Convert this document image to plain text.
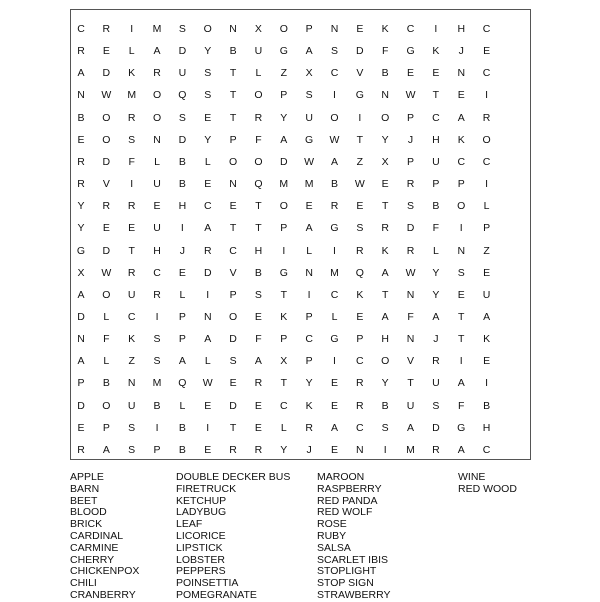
C	R	I	M	S	O	N	X	O	P	N	E	K	C	I	H	C
R	E	L	A	D	Y	B	U	G	A	S	D	F	G	K	J	E
A	D	K	R	U	S	T	L	Z	X	C	V	B	E	E	N	C
N	W	M	O	Q	S	T	O	P	S	I	G	N	W	T	E	I
B	O	R	O	S	E	T	R	Y	U	O	I	O	P	C	A	R
E	O	S	N	D	Y	P	F	A	G	W	T	Y	J	H	K	O
R	D	F	L	B	L	O	O	D	W	A	Z	X	P	U	C	C
R	V	I	U	B	E	N	Q	M	M	B	W	E	R	P	P	I
Y	R	R	E	H	C	E	T	O	E	R	E	T	S	B	O	L
Y	E	E	U	I	A	T	T	P	A	G	S	R	D	F	I	P
G	D	T	H	J	R	C	H	I	L	I	R	K	R	L	N	Z
X	W	R	C	E	D	V	B	G	N	M	Q	A	W	Y	S	E
A	O	U	R	L	I	P	S	T	I	C	K	T	N	Y	E	U
D	L	C	I	P	N	O	E	K	P	L	E	A	F	A	T	A
N	F	K	S	P	A	D	F	P	C	G	P	H	N	J	T	K
A	L	Z	S	A	L	S	A	X	P	I	C	O	V	R	I	E
P	B	N	M	Q	W	E	R	T	Y	E	R	Y	T	U	A	I
D	O	U	B	L	E	D	E	C	K	E	R	B	U	S	F	B
E	P	S	I	B	I	T	E	L	R	A	C	S	A	D	G	H
R	A	S	P	B	E	R	R	Y	J	E	N	I	M	R	A	C
APPLE
BARN
BEET
BLOOD
BRICK
CARDINAL
CARMINE
CHERRY
CHICKENPOX
CHILI
CRANBERRY
DOUBLE DECKER BUS
FIRETRUCK
KETCHUP
LADYBUG
LEAF
LICORICE
LIPSTICK
LOBSTER
PEPPERS
POINSETTIA
POMEGRANATE
MAROON
RASPBERRY
RED PANDA
RED WOLF
ROSE
RUBY
SALSA
SCARLET IBIS
STOPLIGHT
STOP SIGN
STRAWBERRY
WINE
RED WOOD
